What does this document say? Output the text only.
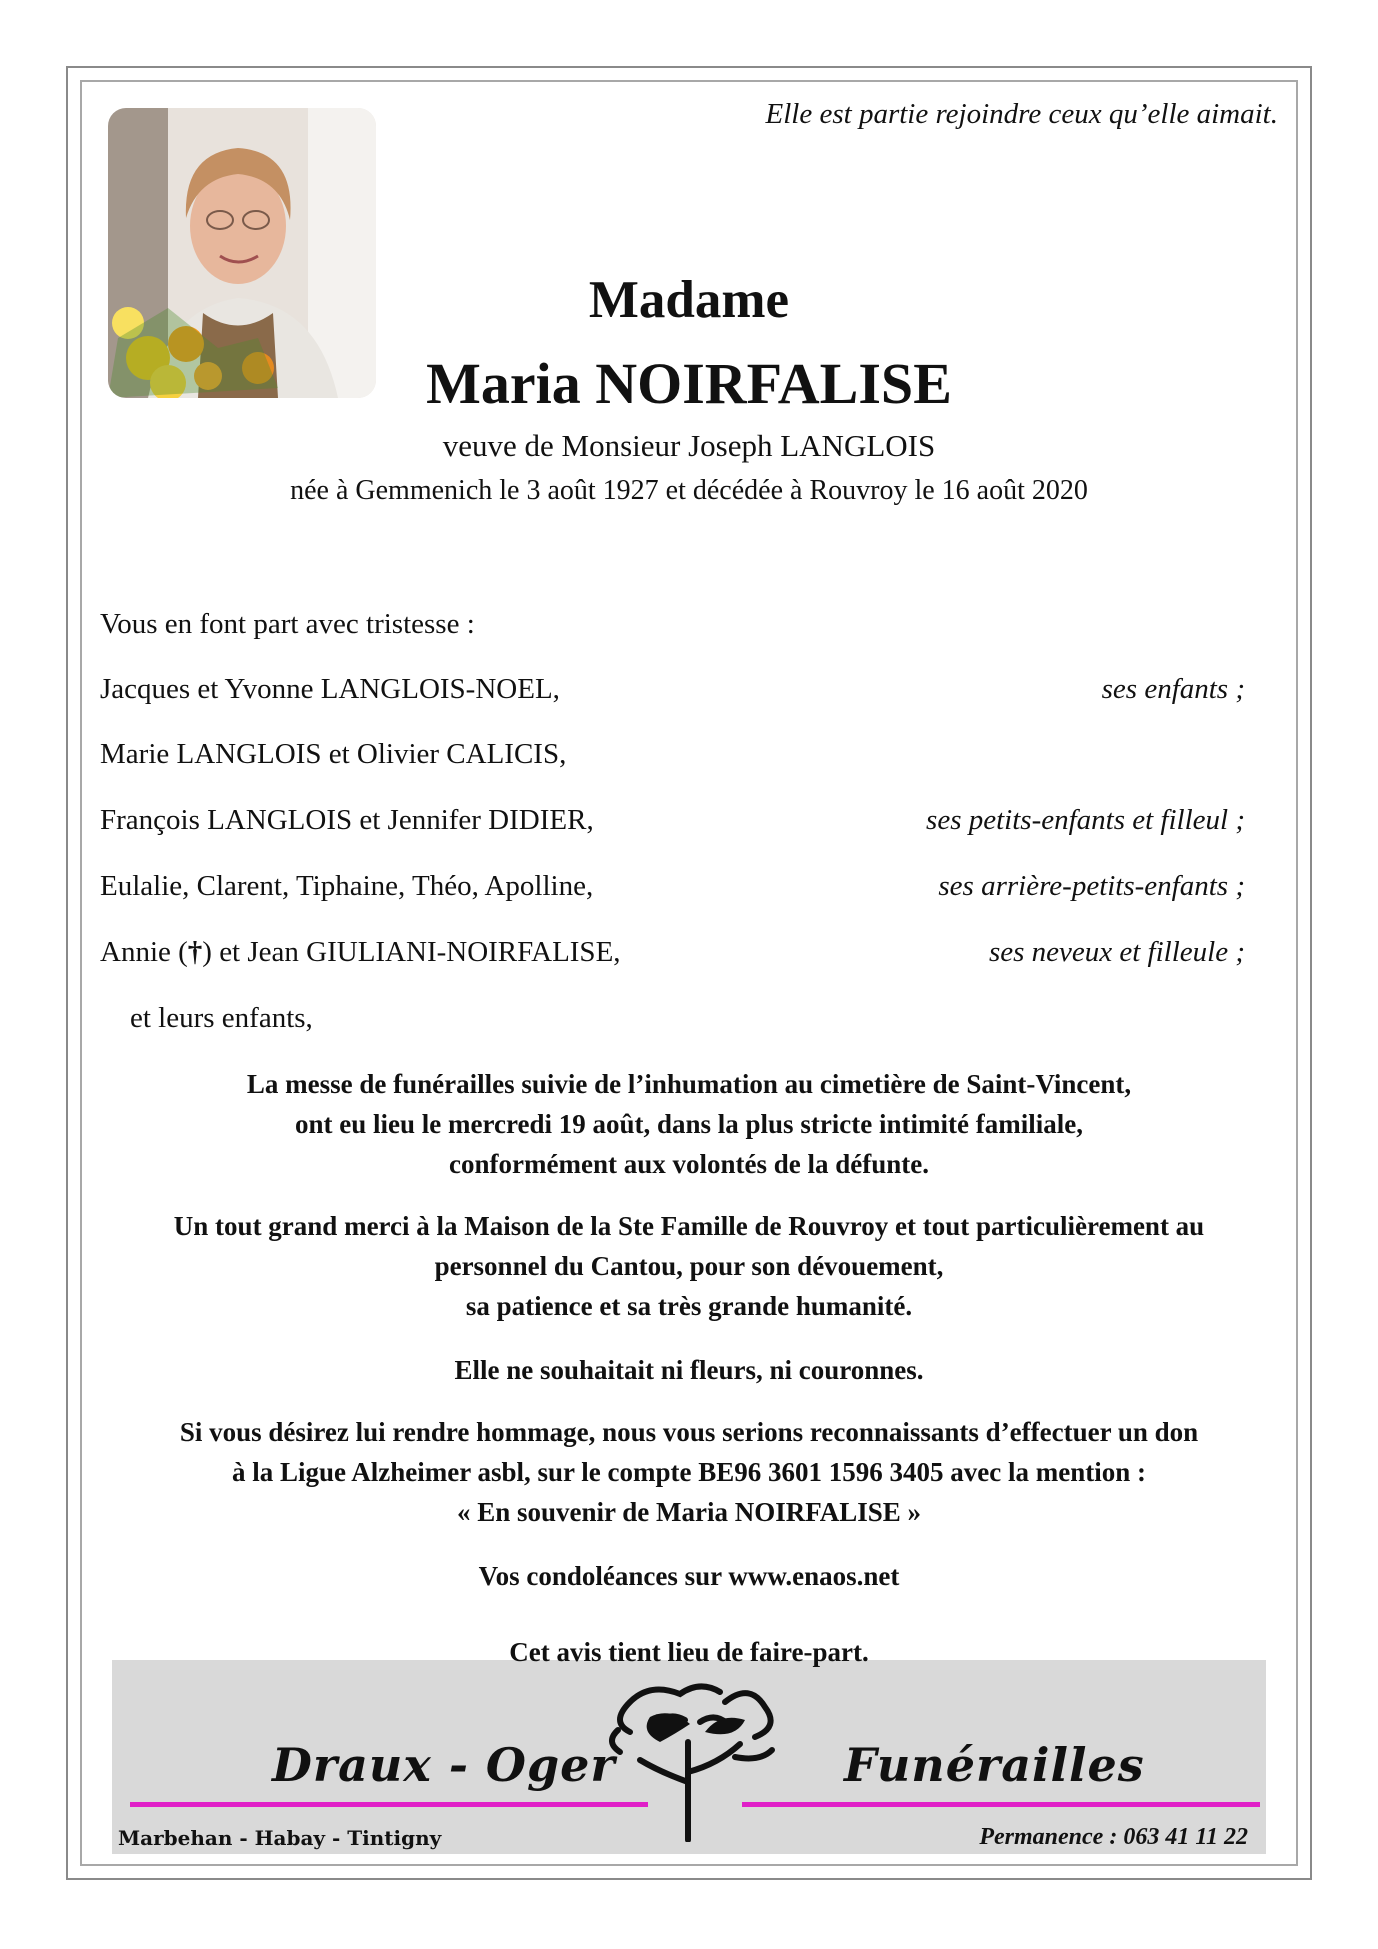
Elle est partie rejoindre ceux qu’elle aimait.
Madame
Maria NOIRFALISE
veuve de Monsieur Joseph LANGLOIS
née à Gemmenich le 3 août 1927 et décédée à Rouvroy le 16 août 2020
Vous en font part avec tristesse :
Jacques et Yvonne LANGLOIS-NOEL,	ses enfants ;
Marie LANGLOIS et Olivier CALICIS,
François LANGLOIS et Jennifer DIDIER,	ses petits-enfants et filleul ;
Eulalie, Clarent, Tiphaine, Théo, Apolline,	ses arrière-petits-enfants ;
Annie (†) et Jean GIULIANI-NOIRFALISE,	ses neveux et filleule ;
et leurs enfants,
La messe de funérailles suivie de l’inhumation au cimetière de Saint-Vincent,
ont eu lieu le mercredi 19 août, dans la plus stricte intimité familiale,
conformément aux volontés de la défunte.
Un tout grand merci à la Maison de la Ste Famille de Rouvroy et tout particulièrement au
personnel du Cantou, pour son dévouement,
sa patience et sa très grande humanité.
Elle ne souhaitait ni fleurs, ni couronnes.
Si vous désirez lui rendre hommage, nous vous serions reconnaissants d’effectuer un don
à la Ligue Alzheimer asbl, sur le compte BE96 3601 1596 3405 avec la mention :
« En souvenir de Maria NOIRFALISE »
Vos condoléances sur www.enaos.net
Cet avis tient lieu de faire-part.
Draux - Oger	Funérailles
Marbehan - Habay - Tintigny	Permanence : 063 41 11 22
